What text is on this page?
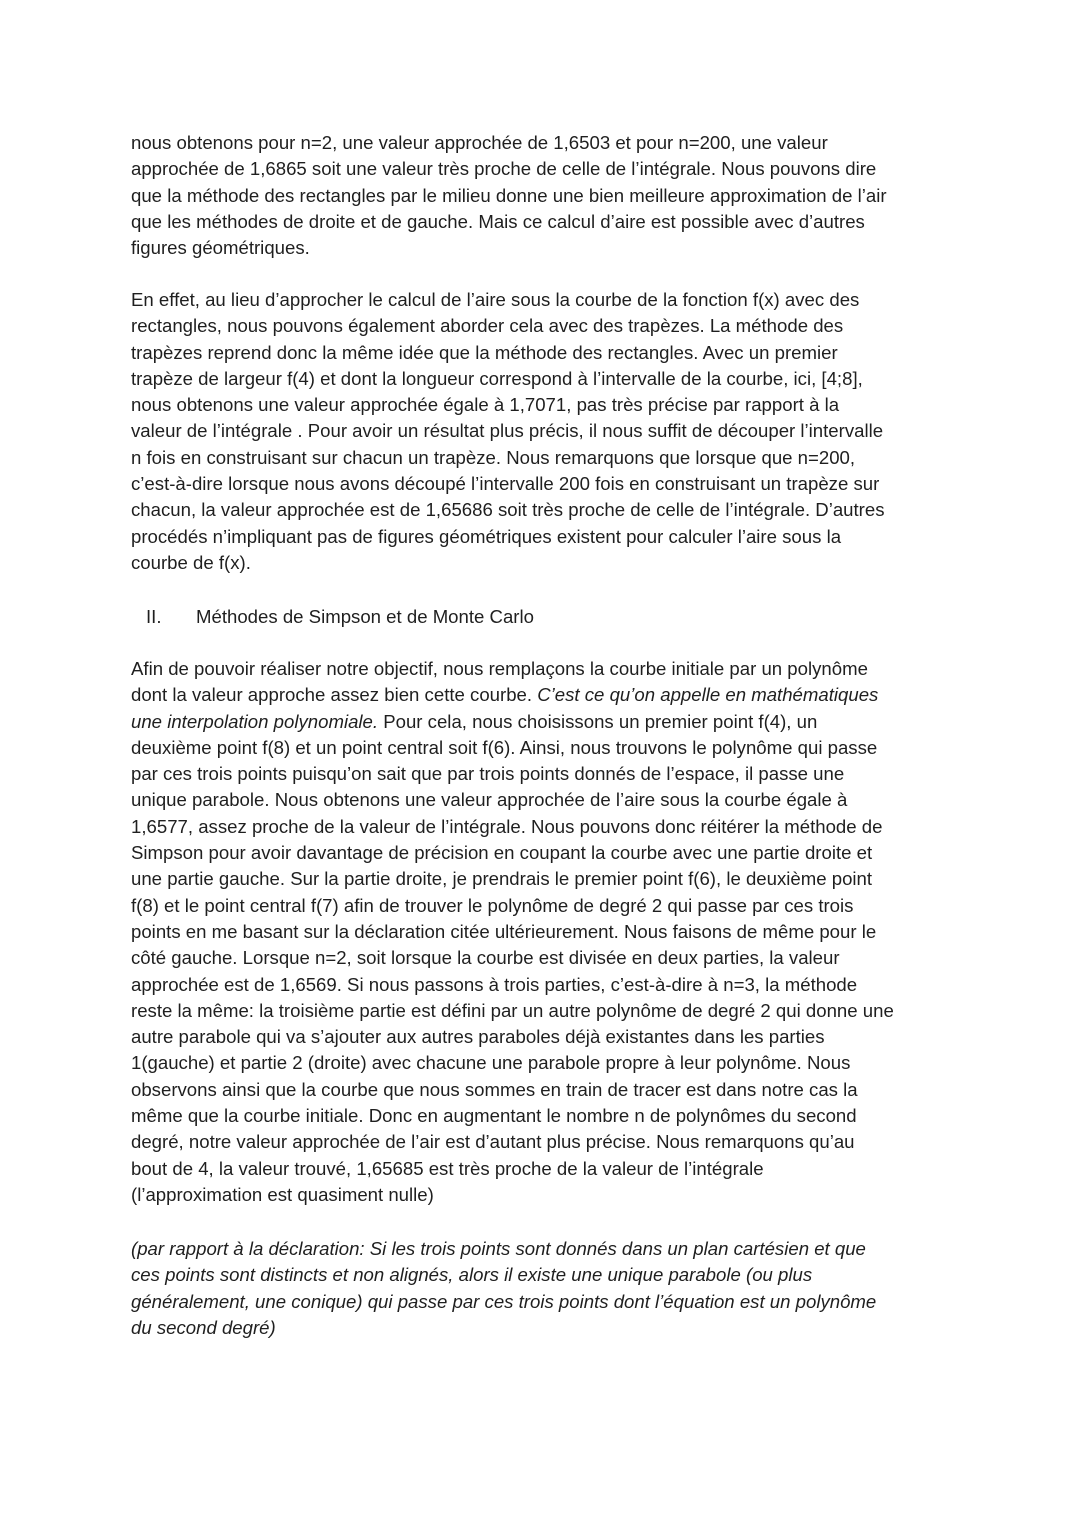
nous obtenons pour n=2, une valeur approchée de 1,6503 et pour n=200, une valeur
approchée de 1,6865 soit une valeur très proche de celle de l’intégrale. Nous pouvons dire
que la méthode des rectangles par le milieu donne une bien meilleure approximation de l’air
que les méthodes de droite et de gauche. Mais ce calcul d’aire est possible avec d’autres
figures géométriques.
En effet, au lieu d’approcher le calcul de l’aire sous la courbe de la fonction f(x) avec des
rectangles, nous pouvons également aborder cela avec des trapèzes. La méthode des
trapèzes reprend donc la même idée que la méthode des rectangles. Avec un premier
trapèze de largeur f(4) et dont la longueur correspond à l’intervalle de la courbe, ici, [4;8],
nous obtenons une valeur approchée égale à 1,7071, pas très précise par rapport à la
valeur de l’intégrale . Pour avoir un résultat plus précis, il nous suffit de découper l’intervalle
n fois en construisant sur chacun un trapèze. Nous remarquons que lorsque que n=200,
c’est-à-dire lorsque nous avons découpé l’intervalle 200 fois en construisant un trapèze sur
chacun, la valeur approchée est de 1,65686 soit très proche de celle de l’intégrale. D’autres
procédés n’impliquant pas de figures géométriques existent pour calculer l’aire sous la
courbe de f(x).
II. Méthodes de Simpson et de Monte Carlo
Afin de pouvoir réaliser notre objectif, nous remplaçons la courbe initiale par un polynôme
dont la valeur approche assez bien cette courbe. C’est ce qu’on appelle en mathématiques
une interpolation polynomiale. Pour cela, nous choisissons un premier point f(4), un
deuxième point f(8) et un point central soit f(6). Ainsi, nous trouvons le polynôme qui passe
par ces trois points puisqu’on sait que par trois points donnés de l’espace, il passe une
unique parabole. Nous obtenons une valeur approchée de l’aire sous la courbe égale à
1,6577, assez proche de la valeur de l’intégrale. Nous pouvons donc réitérer la méthode de
Simpson pour avoir davantage de précision en coupant la courbe avec une partie droite et
une partie gauche. Sur la partie droite, je prendrais le premier point f(6), le deuxième point
f(8) et le point central f(7) afin de trouver le polynôme de degré 2 qui passe par ces trois
points en me basant sur la déclaration citée ultérieurement. Nous faisons de même pour le
côté gauche. Lorsque n=2, soit lorsque la courbe est divisée en deux parties, la valeur
approchée est de 1,6569. Si nous passons à trois parties, c’est-à-dire à n=3, la méthode
reste la même: la troisième partie est défini par un autre polynôme de degré 2 qui donne une
autre parabole qui va s’ajouter aux autres paraboles déjà existantes dans les parties
1(gauche) et partie 2 (droite) avec chacune une parabole propre à leur polynôme. Nous
observons ainsi que la courbe que nous sommes en train de tracer est dans notre cas la
même que la courbe initiale. Donc en augmentant le nombre n de polynômes du second
degré, notre valeur approchée de l’air est d’autant plus précise. Nous remarquons qu’au
bout de 4, la valeur trouvé, 1,65685 est très proche de la valeur de l’intégrale
(l’approximation est quasiment nulle)
(par rapport à la déclaration: Si les trois points sont donnés dans un plan cartésien et que
ces points sont distincts et non alignés, alors il existe une unique parabole (ou plus
généralement, une conique) qui passe par ces trois points dont l’équation est un polynôme
du second degré)
